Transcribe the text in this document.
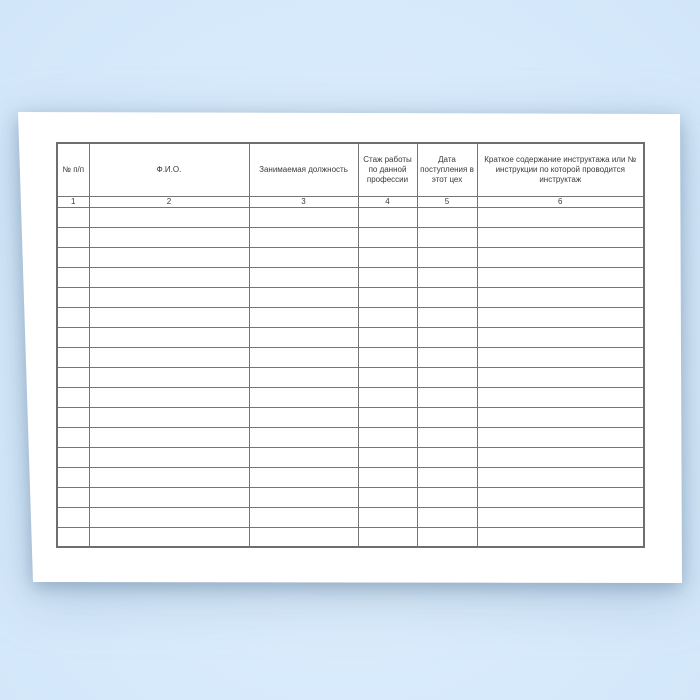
№ п/п	Ф.И.О.	Занимаемая должность	Стаж работы по данной профессии	Дата поступления в этот цех	Краткое содержание инструктажа или № инструкции по которой проводится инструктаж
1	2	3	4	5	6
